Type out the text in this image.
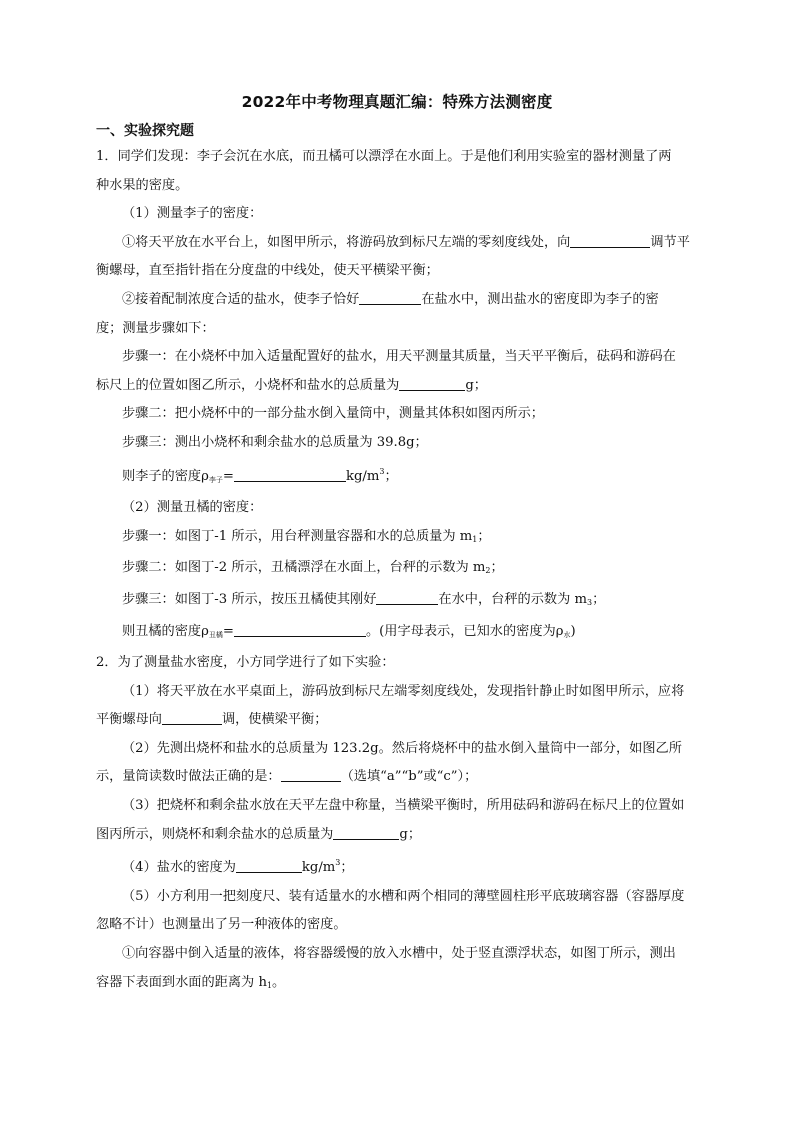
2022年中考物理真题汇编：特殊方法测密度
一、实验探究题

1．同学们发现：李子会沉在水底，而丑橘可以漂浮在水面上。于是他们利用实验室的器材测量了两

种水果的密度。

（1）测量李子的密度：

①将天平放在水平台上，如图甲所示，将游码放到标尺左端的零刻度线处，向	调节平

衡螺母，直至指针指在分度盘的中线处，使天平横梁平衡；

②接着配制浓度合适的盐水，使李子恰好	在盐水中，测出盐水的密度即为李子的密

度；测量步骤如下：

步骤一：在小烧杯中加入适量配置好的盐水，用天平测量其质量，当天平平衡后，砝码和游码在

标尺上的位置如图乙所示，小烧杯和盐水的总质量为	g；

步骤二：把小烧杯中的一部分盐水倒入量筒中，测量其体积如图丙所示；

步骤三：测出小烧杯和剩余盐水的总质量为 39.8g；

则李子的密度ρ李子=	$kg/m^3$；

（2）测量丑橘的密度：

步骤一：如图丁-1 所示，用台秤测量容器和水的总质量为 $m_1$；

步骤二：如图丁-2 所示，丑橘漂浮在水面上，台秤的示数为 $m_2$；

步骤三：如图丁-3 所示，按压丑橘使其刚好	在水中，台秤的示数为 $m_3$；

则丑橘的密度ρ丑橘=	。(用字母表示，已知水的密度为ρ水)

2．为了测量盐水密度，小方同学进行了如下实验：

（1）将天平放在水平桌面上，游码放到标尺左端零刻度线处，发现指针静止时如图甲所示，应将

平衡螺母向	调，使横梁平衡；

（2）先测出烧杯和盐水的总质量为 123.2g。然后将烧杯中的盐水倒入量筒中一部分，如图乙所

示，量筒读数时做法正确的是：	（选填“a”“b”或“c”）；

（3）把烧杯和剩余盐水放在天平左盘中称量，当横梁平衡时，所用砝码和游码在标尺上的位置如

图丙所示，则烧杯和剩余盐水的总质量为	g；

（4）盐水的密度为	$kg/m^3$；

（5）小方利用一把刻度尺、装有适量水的水槽和两个相同的薄壁圆柱形平底玻璃容器（容器厚度

忽略不计）也测量出了另一种液体的密度。

①向容器中倒入适量的液体，将容器缓慢的放入水槽中，处于竖直漂浮状态，如图丁所示，测出

容器下表面到水面的距离为 $h_1$。
